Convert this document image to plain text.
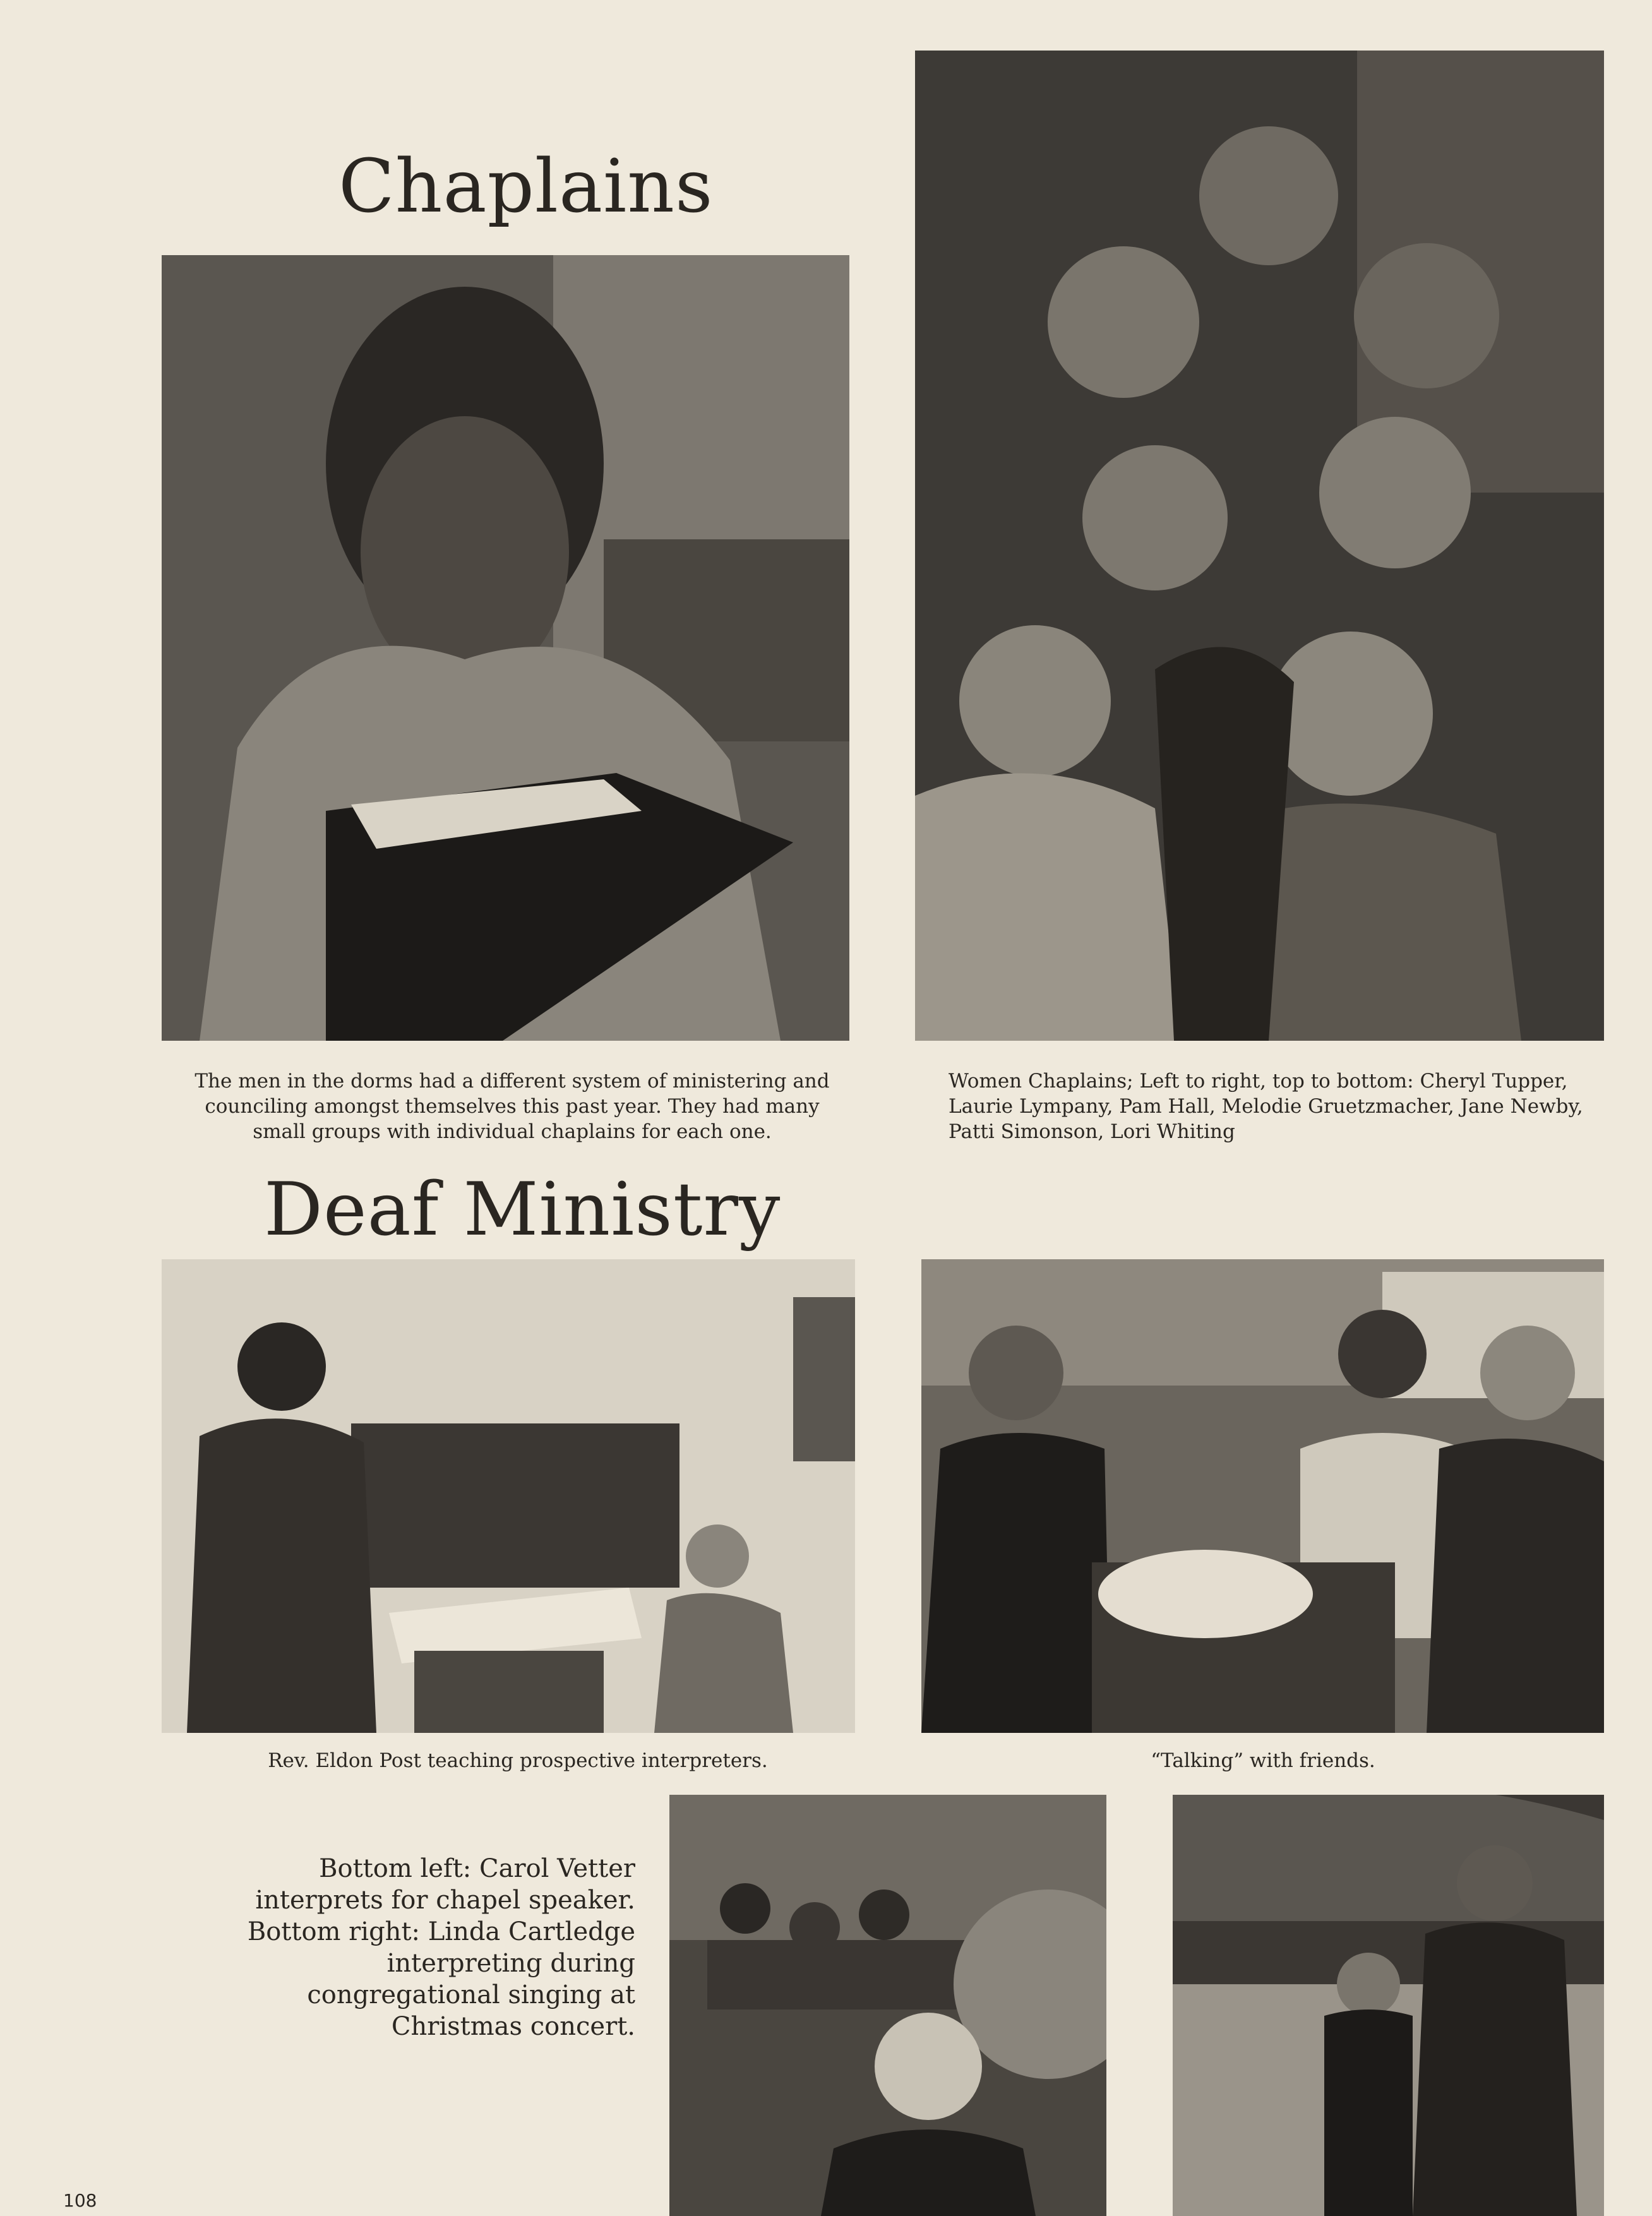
Chaplains
Deaf Ministry

The men in the dorms had a different system of ministering and counciling amongst themselves this past year. They had many small groups with individual chaplains for each one.

Women Chaplains; Left to right, top to bottom: Cheryl Tupper, Laurie Lympany, Pam Hall, Melodie Gruetzmacher, Jane Newby, Patti Simonson, Lori Whiting

Rev. Eldon Post teaching prospective interpreters.	“Talking” with friends.

Bottom left: Carol Vetter
interprets for chapel speaker.
Bottom right: Linda Cartledge
interpreting during
congregational singing at
Christmas concert.

108
